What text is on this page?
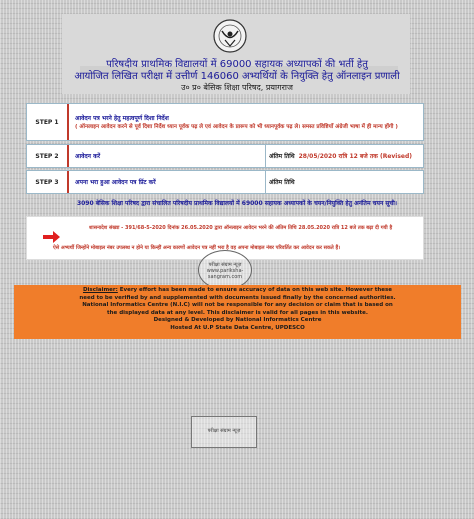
परिषदीय प्राथमिक विद्यालयों में 69000 सहायक अध्यापकों की भर्ती हेतु
आयोजित लिखित परीक्षा में उत्तीर्ण 146060 अभ्यर्थियों के नियुक्ति हेतु ऑनलाइन प्रणाली
उ० प्र० बेसिक शिक्षा परिषद, प्रयागराज
STEP 1
आवेदन पत्र भरने हेतु महत्वपूर्ण दिशा निर्देश
( ऑनलाइन आवेदन करने से पूर्व दिशा निर्देश ध्यान पूर्वक पढ़ ले एवं आवेदन के प्रारूप को भी ध्यानपूर्वक पढ़ ले। समस्त प्रविष्टियाँ अंग्रेजी भाषा में ही मान्य होंगी )
STEP 2	आवेदन करें	अंतिम तिथि 28/05/2020 रात्रि 12 बजे तक (Revised)
STEP 3	अपना भरा हुआ आवेदन पत्र प्रिंट करें	अंतिम तिथि
3090 बेसिक शिक्षा परिषद द्वारा संचालित परिषदीय प्राथमिक विद्यालयों में 69000 सहायक अध्यापकों के चयन/नियुक्ति हेतु अनंतिम चयन सूची।
शासनादेश संख्या - 391/68-5-2020 दिनांक 26.05.2020 द्वारा ऑनलाइन आवेदन भरने की अंतिम तिथि 28.05.2020 रात्रि 12 बजे तक बढ़ा दी गयी है
ऐसे अभ्यर्थी जिन्होंने मोबाइल नंबर उपलब्ध न होने या किन्हीं अन्य कारणों आवेदन पत्र नहीं भरा है वह अपना मोबाइल नंबर परिवर्तित कर आवेदन कर सकते हैं।
परीक्षा संग्राम न्यूज़ www.pariksha-sangram.com
Disclaimer: Every effort has been made to ensure accuracy of data on this web site. However these
need to be verified by and supplemented with documents issued finally by the concerned authorities.
National Informatics Centre (N.I.C) will not be responsible for any decision or claim that is based on
the displayed data at any level. This disclaimer is valid for all pages in this website.
Designed & Developed by National Informatics Centre
Hosted At U.P State Data Centre, UPDESCO
परीक्षा संग्राम न्यूज़
